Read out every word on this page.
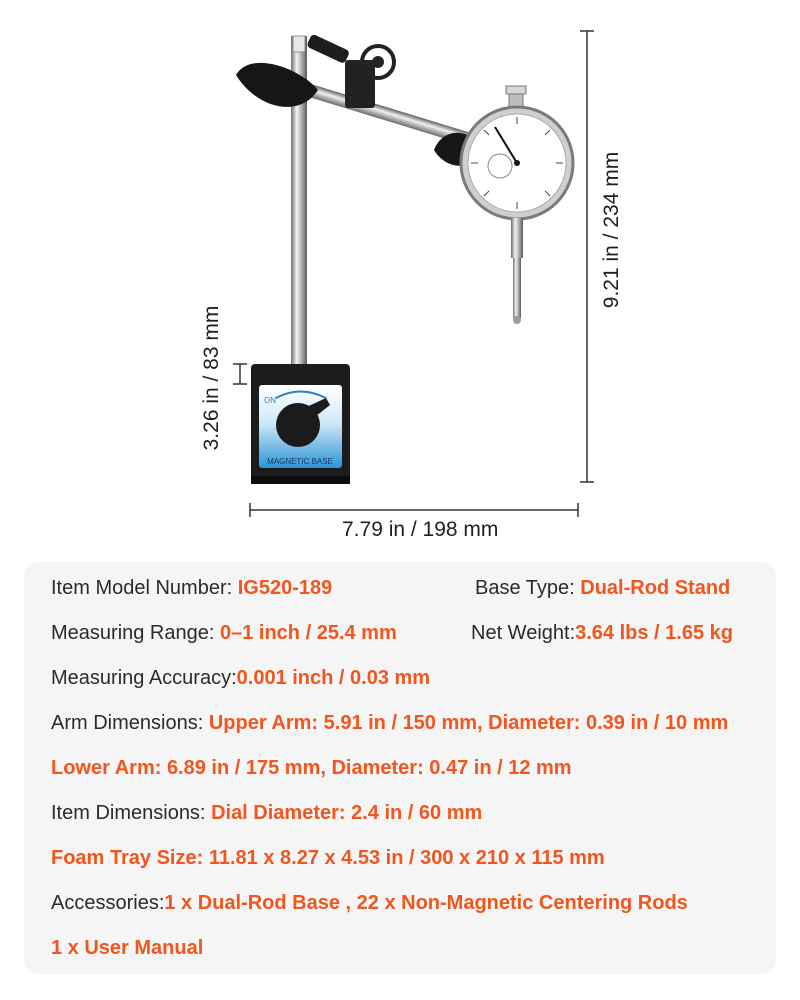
ON
MAGNETIC BASE
7.79 in / 198 mm
9.21 in / 234 mm
3.26 in / 83 mm
Item Model Number: IG520-189	Base Type: Dual-Rod Stand
Measuring Range: 0–1 inch / 25.4 mm	Net Weight:3.64 lbs / 1.65 kg
Measuring Accuracy:0.001 inch / 0.03 mm
Arm Dimensions: Upper Arm: 5.91 in / 150 mm, Diameter: 0.39 in / 10 mm
Lower Arm: 6.89 in / 175 mm, Diameter: 0.47 in / 12 mm
Item Dimensions: Dial Diameter: 2.4 in / 60 mm
Foam Tray Size: 11.81 x 8.27 x 4.53 in / 300 x 210 x 115 mm
Accessories:1 x Dual-Rod Base , 22 x Non-Magnetic Centering Rods
1 x User Manual
